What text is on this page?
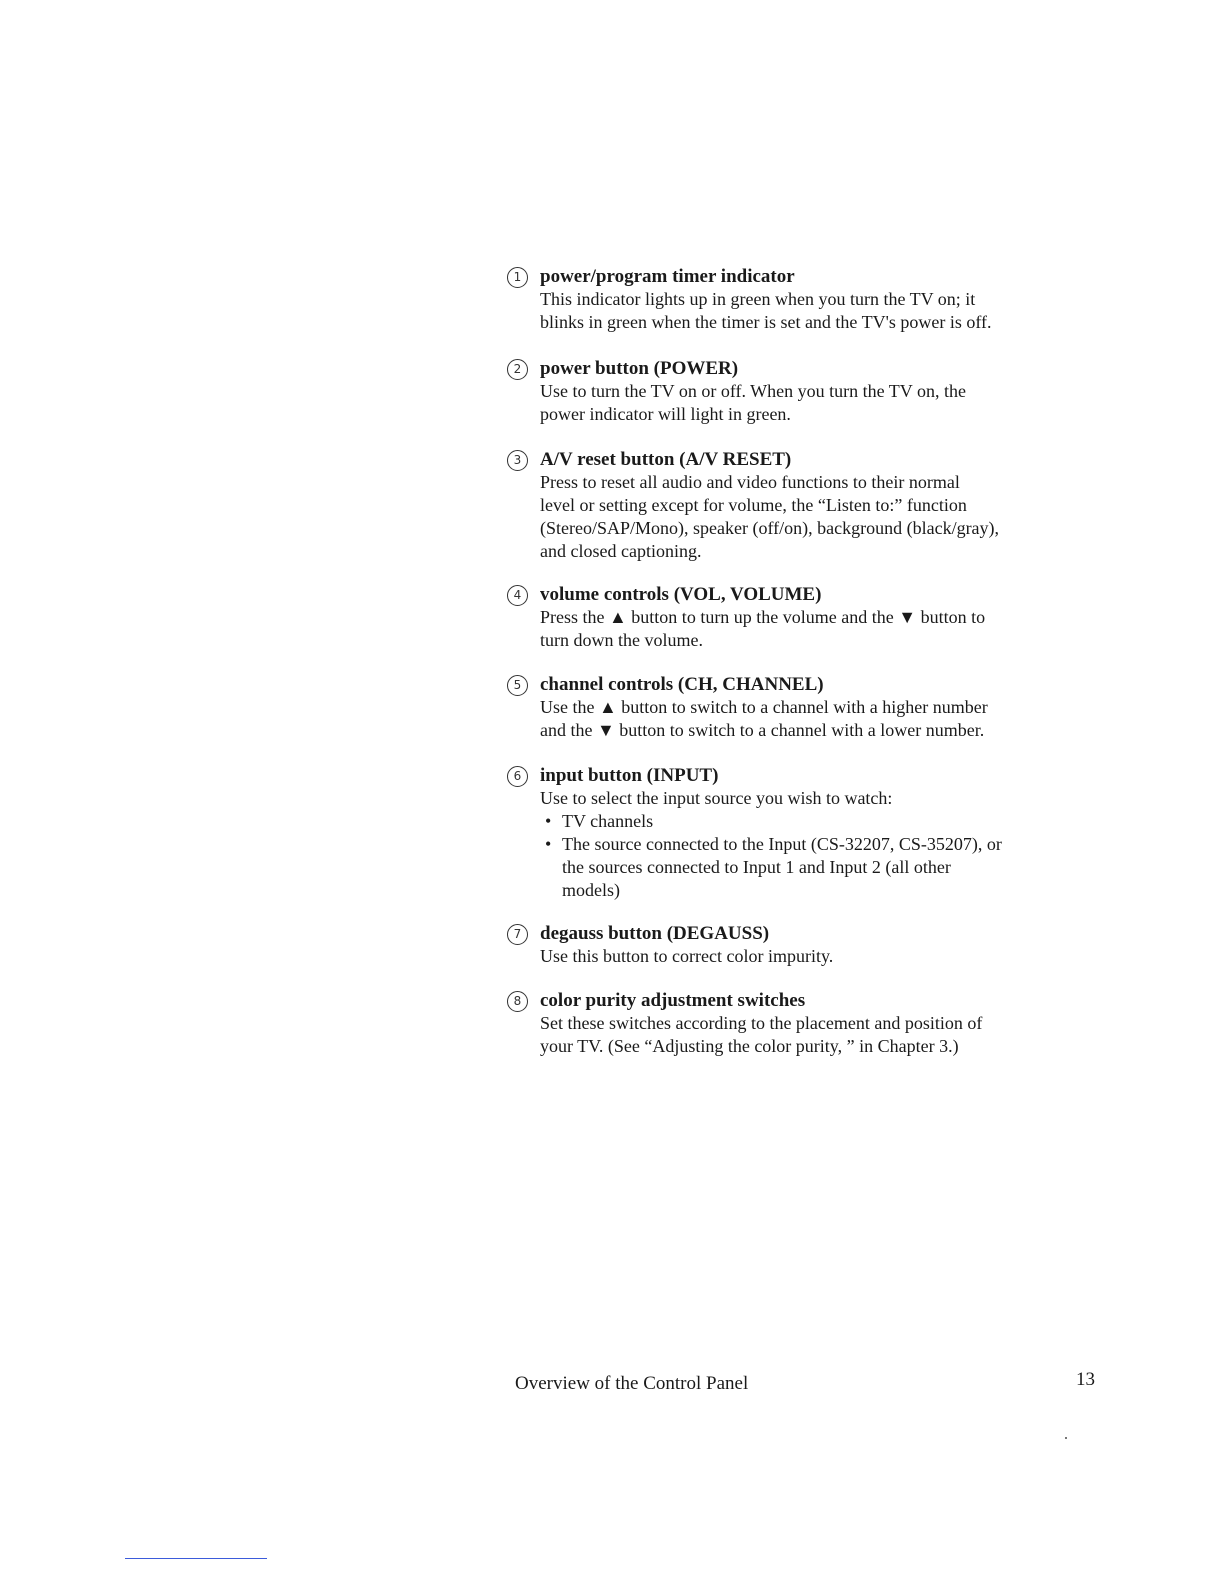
1 power/program timer indicator
This indicator lights up in green when you turn the TV on; it
blinks in green when the timer is set and the TV's power is off.
2 power button (POWER)
Use to turn the TV on or off. When you turn the TV on, the
power indicator will light in green.
3 A/V reset button (A/V RESET)
Press to reset all audio and video functions to their normal
level or setting except for volume, the “Listen to:” function
(Stereo/SAP/Mono), speaker (off/on), background (black/gray),
and closed captioning.
4 volume controls (VOL, VOLUME)
Press the ▲ button to turn up the volume and the ▼ button to
turn down the volume.
5 channel controls (CH, CHANNEL)
Use the ▲ button to switch to a channel with a higher number
and the ▼ button to switch to a channel with a lower number.
6 input button (INPUT)
Use to select the input source you wish to watch:
• TV channels
• The source connected to the Input (CS-32207, CS-35207), or
the sources connected to Input 1 and Input 2 (all other
models)
7 degauss button (DEGAUSS)
Use this button to correct color impurity.
8 color purity adjustment switches
Set these switches according to the placement and position of
your TV. (See “Adjusting the color purity, ” in Chapter 3.)
Overview of the Control Panel	13
